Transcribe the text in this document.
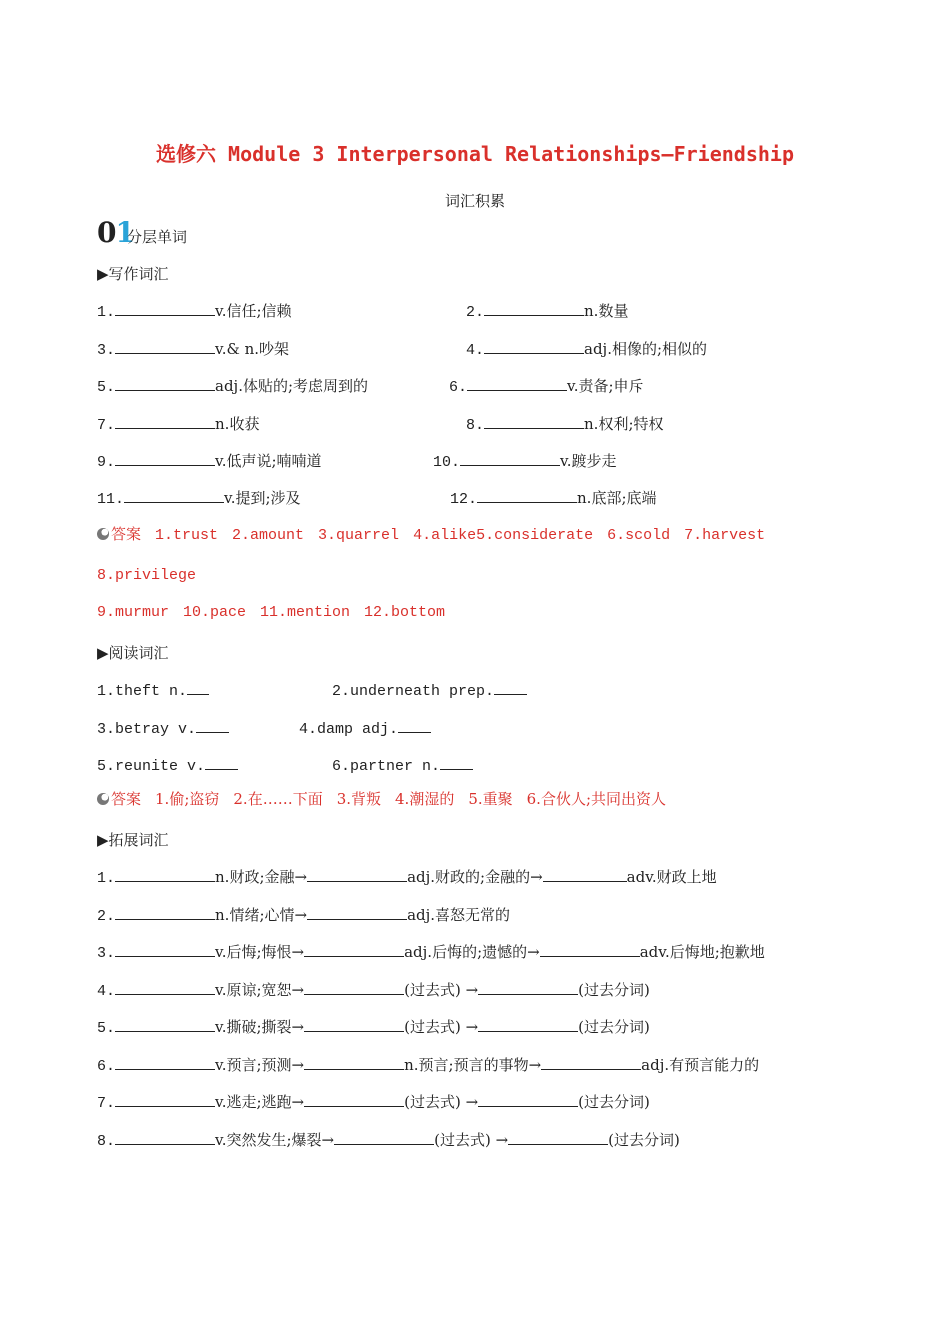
选修六 Module 3 Interpersonal Relationships—Friendship
词汇积累
01
分层单词
▶写作词汇
1.	v.信任;信赖	2.	n.数量
3.	v.& n.吵架	4.	adj.相像的;相似的
5.	adj.体贴的;考虑周到的	6.	v.责备;申斥
7.	n.收获	8.	n.权利;特权
9.	v.低声说;喃喃道	10.	v.踱步走
11.	v.提到;涉及	12.	n.底部;底端
答案 1.trust 2.amount 3.quarrel 4.alike5.considerate 6.scold 7.harvest
8.privilege
9.murmur 10.pace 11.mention 12.bottom
▶阅读词汇
1.theft n.	2.underneath prep.
3.betray v.	4.damp adj.
5.reunite v.	6.partner n.
答案 1.偷;盗窃 2.在……下面 3.背叛 4.潮湿的 5.重聚 6.合伙人;共同出资人
▶拓展词汇
1.	n.财政;金融→	adj.财政的;金融的→	adv.财政上地
2.	n.情绪;心情→	adj.喜怒无常的
3.	v.后悔;悔恨→	adj.后悔的;遗憾的→	adv.后悔地;抱歉地
4.	v.原谅;宽恕→	(过去式) →	(过去分词)
5.	v.撕破;撕裂→	(过去式) →	(过去分词)
6.	v.预言;预测→	n.预言;预言的事物→	adj.有预言能力的
7.	v.逃走;逃跑→	(过去式) →	(过去分词)
8.	v.突然发生;爆裂→	(过去式) →	(过去分词)
